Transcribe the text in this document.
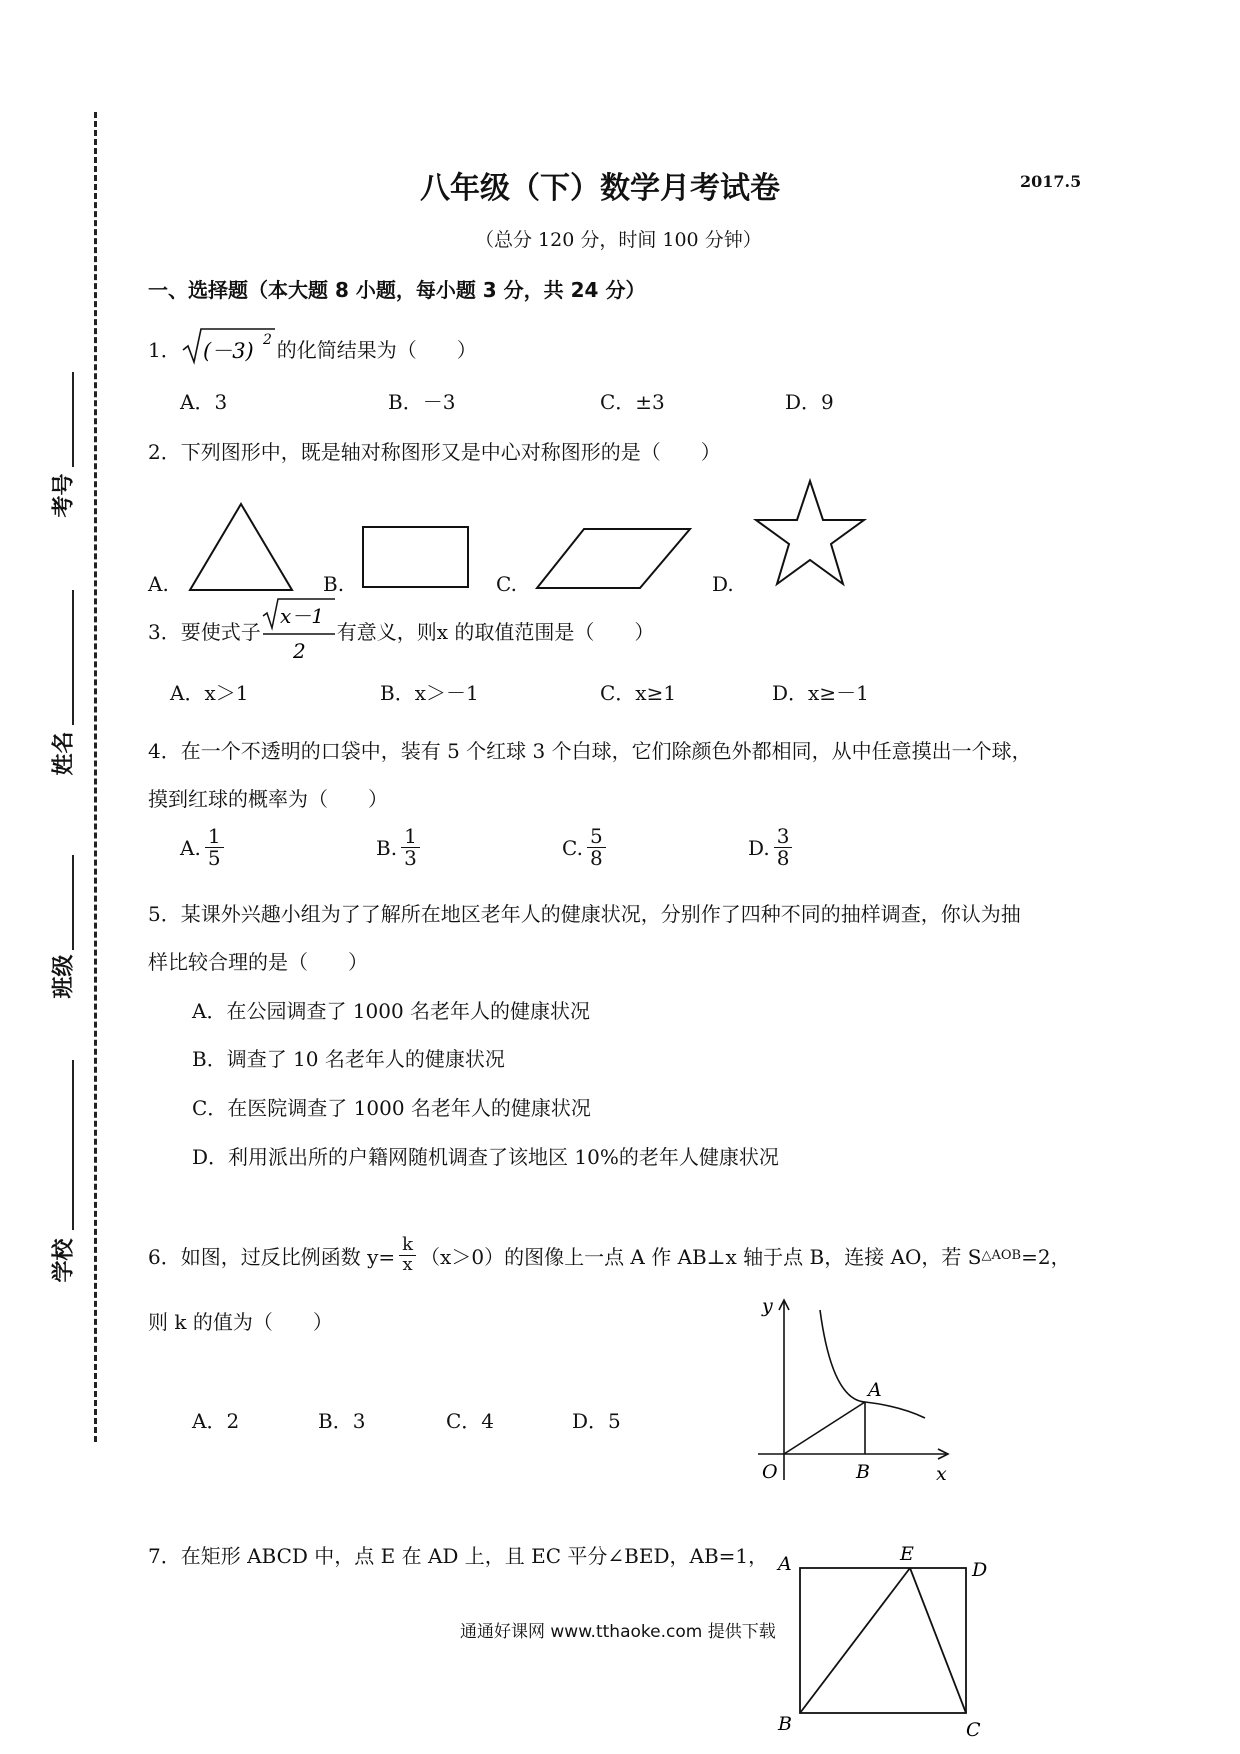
考号
姓名
班级
学校
八年级（下）数学月考试卷	2017.5
（总分 120 分，时间 100 分钟）
一、选择题（本大题 8 小题，每小题 3 分，共 24 分）
1． (－3) 2 的化简结果为（　　）
A．3	B．－3	C．±3	D．9
2．下列图形中，既是轴对称图形又是中心对称图形的是（　　）
A.	B.	C.	D.
3．要使式子
x－1
2
有意义，则x 的取值范围是（　　）
A．x＞1	B．x＞－1	C．x≥1	D．x≥－1
4．在一个不透明的口袋中，装有 5 个红球 3 个白球，它们除颜色外都相同，从中任意摸出一个球，
摸到红球的概率为（　　）
A. $\frac{1}{5}$	B. $\frac{1}{3}$	C. $\frac{5}{8}$	D. $\frac{3}{8}$
5．某课外兴趣小组为了了解所在地区老年人的健康状况，分别作了四种不同的抽样调查，你认为抽
样比较合理的是（　　）
A．在公园调查了 1000 名老年人的健康状况
B．调查了 10 名老年人的健康状况
C．在医院调查了 1000 名老年人的健康状况
D．利用派出所的户籍网随机调查了该地区 10%的老年人健康状况
6．如图，过反比例函数 $y= \frac{k}{x} (x>0)$的图像上一点 A 作 AB⊥x 轴于点 B，连接 AO，若 S △AOB =2，
则 k 的值为（　　）
A．2	B．3	C．4	D．5
y
x
O
A
B
7．在矩形 ABCD 中，点 E 在 AD 上，且 EC 平分∠BED，AB=1， A	E
D
B	C
通通好课网 www.tthaoke.com 提供下载
